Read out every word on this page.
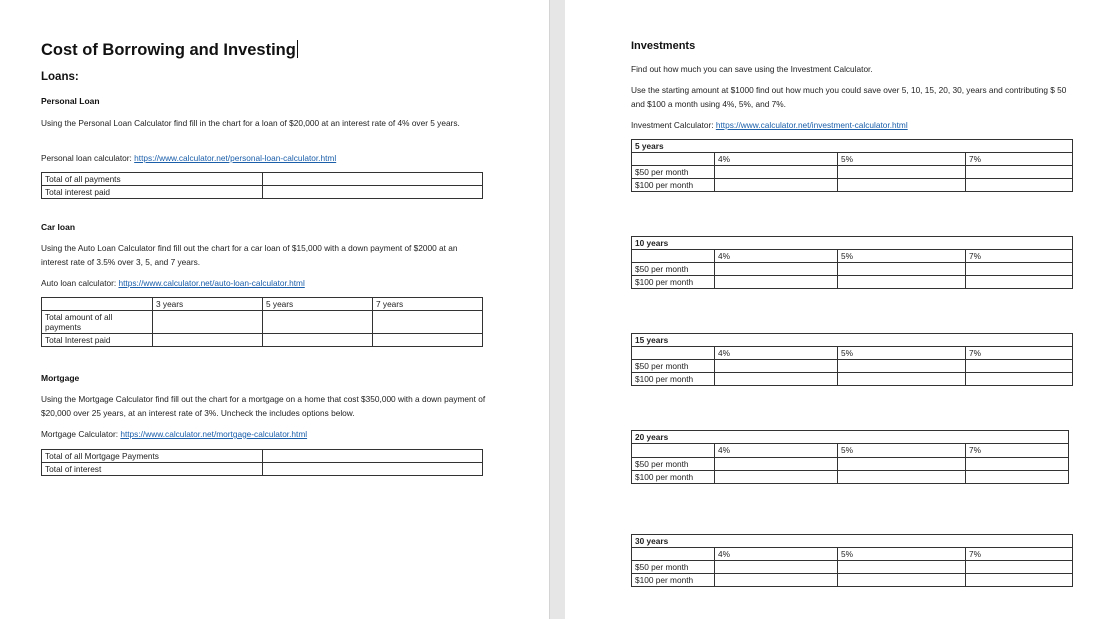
Cost of Borrowing and Investing
Loans:
Personal Loan
Using the Personal Loan Calculator find fill in the chart for a loan of $20,000 at an interest rate of 4% over 5 years.
Personal loan calculator: https://www.calculator.net/personal-loan-calculator.html
Total of all payments	
Total interest paid	
Car loan
Using the Auto Loan Calculator find fill out the chart for a car loan of $15,000 with a down payment of $2000 at an interest rate of 3.5% over 3, 5, and 7 years.
Auto loan calculator: https://www.calculator.net/auto-loan-calculator.html
	3 years	5 years	7 years
Total amount of all payments			
Total Interest paid			
Mortgage
Using the Mortgage Calculator find fill out the chart for a mortgage on a home that cost $350,000 with a down payment of $20,000 over 25 years, at an interest rate of 3%. Uncheck the includes options below.
Mortgage Calculator: https://www.calculator.net/mortgage-calculator.html
Total of all Mortgage Payments	
Total of interest	
Investments
Find out how much you can save using the Investment Calculator.
Use the starting amount at $1000 find out how much you could save over 5, 10, 15, 20, 30, years and contributing $ 50 and $100 a month using 4%, 5%, and 7%.
Investment Calculator: https://www.calculator.net/investment-calculator.html
5 years			
	4%	5%	7%
$50 per month			
$100 per month			
10 years			
	4%	5%	7%
$50 per month			
$100 per month			
15 years			
	4%	5%	7%
$50 per month			
$100 per month			
20 years			
	4%	5%	7%
$50 per month			
$100 per month			
30 years			
	4%	5%	7%
$50 per month			
$100 per month			
